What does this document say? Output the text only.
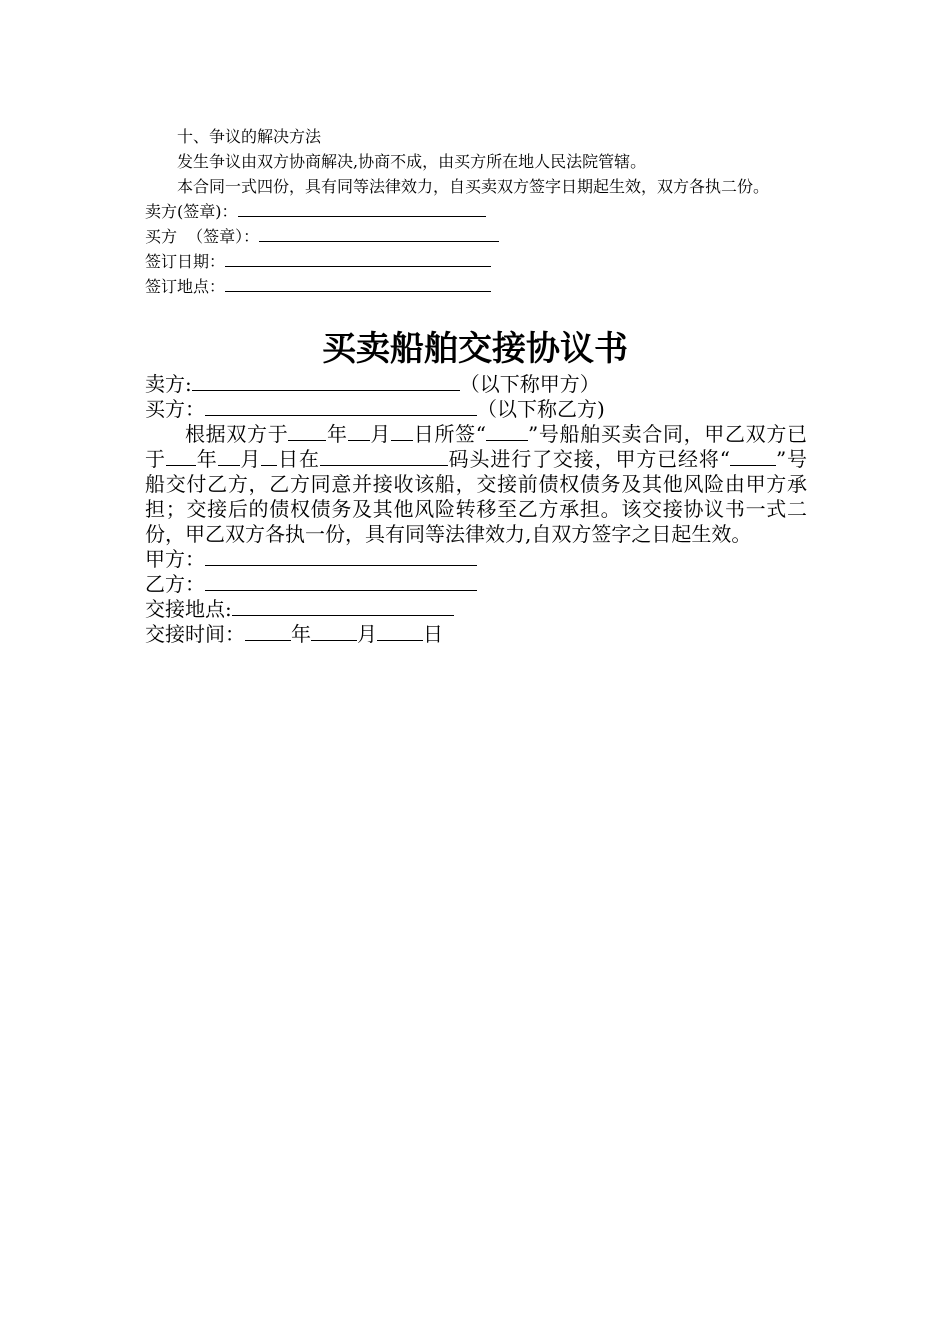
十、争议的解决方法

发生争议由双方协商解决,协商不成，由买方所在地人民法院管辖。

本合同一式四份，具有同等法律效力，自买卖双方签字日期起生效，双方各执二份。

卖方(签章)：

买方  （签章）：

签订日期：

签订地点：

买卖船舶交接协议书

卖方:	（以下称甲方）

买方：	（以下称乙方)

根据双方于 年 月 日所签“ ”号船舶买卖合同，甲乙双方已于 年 月 日在	码头进行了交接，甲方已经将“ ”号船交付乙方，乙方同意并接收该船，交接前债权债务及其他风险由甲方承担；交接后的债权债务及其他风险转移至乙方承担。该交接协议书一式二份，甲乙双方各执一份，具有同等法律效力,自双方签字之日起生效。

甲方：

乙方：

交接地点:

交接时间： 年 月 日
